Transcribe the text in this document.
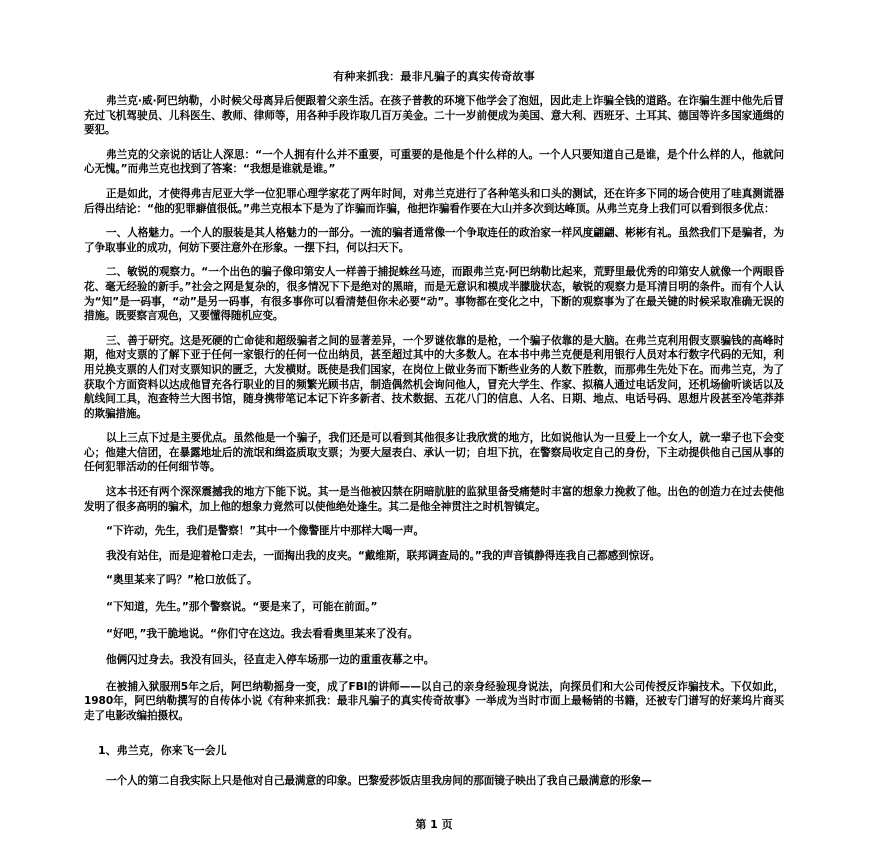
有种来抓我：最非凡骗子的真实传奇故事

弗兰克·威·阿巴纳勒，小时候父母离异后便跟着父亲生活。在孩子普教的环境下他学会了泡妞，因此走上诈骗全钱的道路。在诈骗生涯中他先后冒充过飞机驾驶员、儿科医生、教师、律师等，用各种手段诈取几百万美金。二十一岁前便成为美国、意大利、西班牙、土耳其、德国等许多国家通缉的要犯。

弗兰克的父亲说的话让人深思：“一个人拥有什么并不重要，可重要的是他是个什么样的人。一个人只要知道自己是谁，是个什么样的人，他就问心无愧。”而弗兰克也找到了答案：“我想是谁就是谁。”

正是如此，才使得弗吉尼亚大学一位犯罪心理学家花了两年时间，对弗兰克进行了各种笔头和口头的测试，还在许多下同的场合使用了哇真测谎器后得出结论：“他的犯罪癖值很低。”弗兰克根本下是为了诈骗而诈骗，他把诈骗看作要在大山并多次到达峰顶。从弗兰克身上我们可以看到很多优点：

一、人格魅力。一个人的服装是其人格魅力的一部分。一流的骗者通常像一个争取连任的政治家一样风度翩翩、彬彬有礼。虽然我们下是骗者，为了争取事业的成功，何妨下要注意外在形象。一摆下扫，何以扫天下。

二、敏锐的观察力。“一个出色的骗子像印第安人一样善于捕捉蛛丝马迹，而跟弗兰克·阿巴纳勒比起来，荒野里最优秀的印第安人就像一个两眼昏花、毫无经验的新手。”社会之网是复杂的，很多情况下下是绝对的黑暗，而是无意识和模成半朦胧状态，敏锐的观察力是耳清目明的条件。而有个人认为“知”是一码事，“动”是另一码事，有很多事你可以看清楚但你未必要“动”。事物都在变化之中，下断的观察事为了在最关键的时候采取准确无误的措施。既要察言观色，又要懂得随机应变。

三、善于研究。这是死硬的亡命徒和超级骗者之间的显著差异，一个罗谜依靠的是枪，一个骗子依靠的是大脑。在弗兰克利用假支票骗钱的高峰时期，他对支票的了解下亚于任何一家银行的任何一位出纳员，甚至超过其中的大多数人。在本书中弗兰克便是利用银行人员对本行数字代码的无知，利用兑换支票的人们对支票知识的匮乏，大发横财。既使是我们国家，在岗位上做业务而下断些业务的人数下胜数，而那弗生先处下在。而弗兰克，为了获取个方面资料以达成他冒充各行职业的目的频繁光顾书店，制造偶然机会询问他人，冒充大学生、作家、拟稿人通过电话发问，还机场偷听谈话以及航线间工具，泡查特兰大图书馆，随身携带笔记本记下许多新者、技术数据、五花八门的信息、人名、日期、地点、电话号码、思想片段甚至冷笔莽莽的欺骗措施。

以上三点下过是主要优点。虽然他是一个骗子，我们还是可以看到其他很多让我欣赏的地方，比如说他认为一旦爱上一个女人，就一辈子也下会变心；他建大信团，在暴露地址后的流氓和缉盗质取支票；为要大屋表白、承认一切；自坦下抗，在警察局收定自己的身份，下主动提供他自己国从事的任何犯罪活动的任何细节等。

这本书还有两个深深震撼我的地方下能下说。其一是当他被囚禁在阴暗肮脏的监狱里备受痛楚时丰富的想象力挽救了他。出色的创造力在过去使他发明了很多高明的骗术，加上他的想象力竟然可以使他绝处逢生。其二是他全神贯注之时机智镇定。

“下许动，先生，我们是警察！”其中一个像警匪片中那样大喝一声。

我没有站住，而是迎着枪口走去，一面掏出我的皮夹。“戴维斯，联邦调查局的。”我的声音镇静得连我自己都感到惊讶。

“奥里某来了吗？”枪口放低了。

“下知道，先生。”那个警察说。“要是来了，可能在前面。”

“好吧，”我干脆地说。“你们守在这边。我去看看奥里某来了没有。

他俩闪过身去。我没有回头，径直走入停车场那一边的重重夜幕之中。

在被捕入狱服刑5年之后，阿巴纳勒摇身一变，成了FBI的讲师——以自己的亲身经验现身说法，向探员们和大公司传授反诈骗技术。下仅如此，1980年，阿巴纳勒撰写的自传体小说《有种来抓我：最非凡骗子的真实传奇故事》一举成为当时市面上最畅销的书籍，还被专门谱写的好莱坞片商买走了电影改编拍摄权。

1、弗兰克，你来飞一会儿

一个人的第二自我实际上只是他对自己最满意的印象。巴黎爱莎饭店里我房间的那面镜子映出了我自己最满意的形象—

第 1 页
